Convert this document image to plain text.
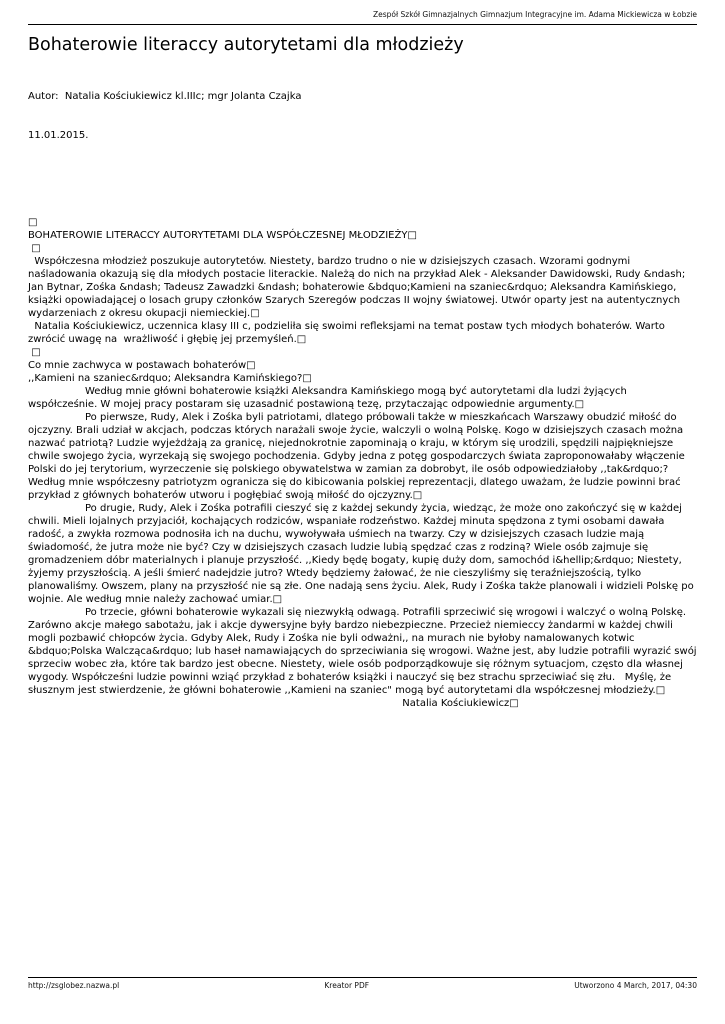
Zespół Szkół Gimnazjalnych Gimnazjum Integracyjne im. Adama Mickiewicza w Łobzie
Bohaterowie literaccy autorytetami dla młodzieży

Autor:  Natalia Kościukiewicz kl.IIIc; mgr Jolanta Czajka

11.01.2015.

□

BOHATEROWIE LITERACCY AUTORYTETAMI DLA WSPÓŁCZESNEJ MŁODZIEŻY□

□

Współczesna młodzież poszukuje autorytetów. Niestety, bardzo trudno o nie w dzisiejszych czasach. Wzorami godnymi naśladowania okazują się dla młodych postacie literackie. Należą do nich na przykład Alek - Aleksander Dawidowski, Rudy &ndash; Jan Bytnar, Zośka &ndash; Tadeusz Zawadzki &ndash; bohaterowie &bdquo;Kamieni na szaniec&rdquo; Aleksandra Kamińskiego, książki opowiadającej o losach grupy członków Szarych Szeregów podczas II wojny światowej. Utwór oparty jest na autentycznych wydarzeniach z okresu okupacji niemieckiej.□

Natalia Kościukiewicz, uczennica klasy III c, podzieliła się swoimi refleksjami na temat postaw tych młodych bohaterów. Warto zwrócić uwagę na  wrażliwość i głębię jej przemyśleń.□

□

Co mnie zachwyca w postawach bohaterów□

,,Kamieni na szaniec&rdquo; Aleksandra Kamińskiego?□

Według mnie główni bohaterowie książki Aleksandra Kamińskiego mogą być autorytetami dla ludzi żyjących współcześnie. W mojej pracy postaram się uzasadnić postawioną tezę, przytaczając odpowiednie argumenty.□

Po pierwsze, Rudy, Alek i Zośka byli patriotami, dlatego próbowali także w mieszkańcach Warszawy obudzić miłość do ojczyzny. Brali udział w akcjach, podczas których narażali swoje życie, walczyli o wolną Polskę. Kogo w dzisiejszych czasach można nazwać patriotą? Ludzie wyjeżdżają za granicę, niejednokrotnie zapominają o kraju, w którym się urodzili, spędzili najpiękniejsze chwile swojego życia, wyrzekają się swojego pochodzenia. Gdyby jedna z potęg gospodarczych świata zaproponowałaby włączenie Polski do jej terytorium, wyrzeczenie się polskiego obywatelstwa w zamian za dobrobyt, ile osób odpowiedziałoby ,,tak&rdquo;? Według mnie współczesny patriotyzm ogranicza się do kibicowania polskiej reprezentacji, dlatego uważam, że ludzie powinni brać przykład z głównych bohaterów utworu i pogłębiać swoją miłość do ojczyzny.□

Po drugie, Rudy, Alek i Zośka potrafili cieszyć się z każdej sekundy życia, wiedząc, że może ono zakończyć się w każdej chwili. Mieli lojalnych przyjaciół, kochających rodziców, wspaniałe rodzeństwo. Każdej minuta spędzona z tymi osobami dawała radość, a zwykła rozmowa podnosiła ich na duchu, wywoływała uśmiech na twarzy. Czy w dzisiejszych czasach ludzie mają świadomość, że jutra może nie być? Czy w dzisiejszych czasach ludzie lubią spędzać czas z rodziną? Wiele osób zajmuje się gromadzeniem dóbr materialnych i planuje przyszłość. ,,Kiedy będę bogaty, kupię duży dom, samochód i&hellip;&rdquo; Niestety, żyjemy przyszłością. A jeśli śmierć nadejdzie jutro? Wtedy będziemy żałować, że nie cieszyliśmy się teraźniejszością, tylko planowaliśmy. Owszem, plany na przyszłość nie są złe. One nadają sens życiu. Alek, Rudy i Zośka także planowali i widzieli Polskę po wojnie. Ale według mnie należy zachować umiar.□

Po trzecie, główni bohaterowie wykazali się niezwykłą odwagą. Potrafili sprzeciwić się wrogowi i walczyć o wolną Polskę. Zarówno akcje małego sabotażu, jak i akcje dywersyjne były bardzo niebezpieczne. Przecież niemieccy żandarmi w każdej chwili mogli pozbawić chłopców życia. Gdyby Alek, Rudy i Zośka nie byli odważni,, na murach nie byłoby namalowanych kotwic &bdquo;Polska Walcząca&rdquo; lub haseł namawiających do sprzeciwiania się wrogowi. Ważne jest, aby ludzie potrafili wyrazić swój sprzeciw wobec zła, które tak bardzo jest obecne. Niestety, wiele osób podporządkowuje się różnym sytuacjom, często dla własnej wygody. Współcześni ludzie powinni wziąć przykład z bohaterów książki i nauczyć się bez strachu sprzeciwiać się złu.   Myślę, że słusznym jest stwierdzenie, że główni bohaterowie ,,Kamieni na szaniec" mogą być autorytetami dla współczesnej młodzieży.□

Natalia Kościukiewicz□

http://zsglobez.nazwa.pl	Kreator PDF	Utworzono 4 March, 2017, 04:30
